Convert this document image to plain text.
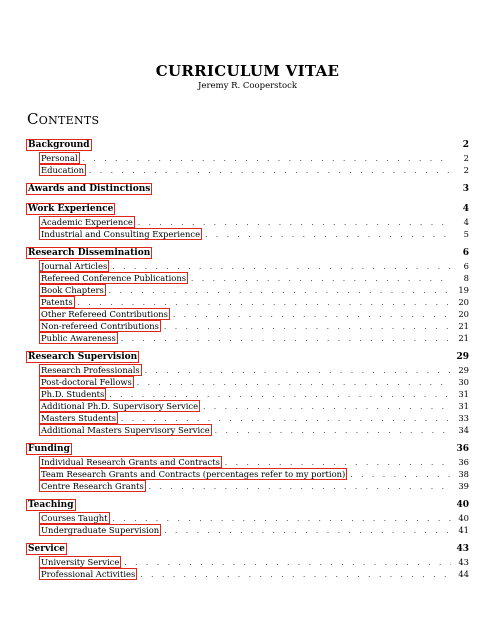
CURRICULUM VITAE
Jeremy R. Cooperstock
Contents
Background	2
Personal . . .	2
Education . . .	2
Awards and Distinctions	3
Work Experience	4
Academic Experience . . .	4
Industrial and Consulting Experience . . .	5
Research Dissemination	6
Journal Articles . . .	6
Refereed Conference Publications . . .	8
Book Chapters . . .	19
Patents . . .	20
Other Refereed Contributions . . .	20
Non-refereed Contributions . . .	21
Public Awareness . . .	21
Research Supervision	29
Research Professionals . . .	29
Post-doctoral Fellows . . .	30
Ph.D. Students . . .	31
Additional Ph.D. Supervisory Service . . .	31
Masters Students . . .	33
Additional Masters Supervisory Service . . .	34
Funding	36
Individual Research Grants and Contracts . . .	36
Team Research Grants and Contracts (percentages refer to my portion) . . .	38
Centre Research Grants . . .	39
Teaching	40
Courses Taught . . .	40
Undergraduate Supervision . . .	41
Service	43
University Service . . .	43
Professional Activities . . .	44
